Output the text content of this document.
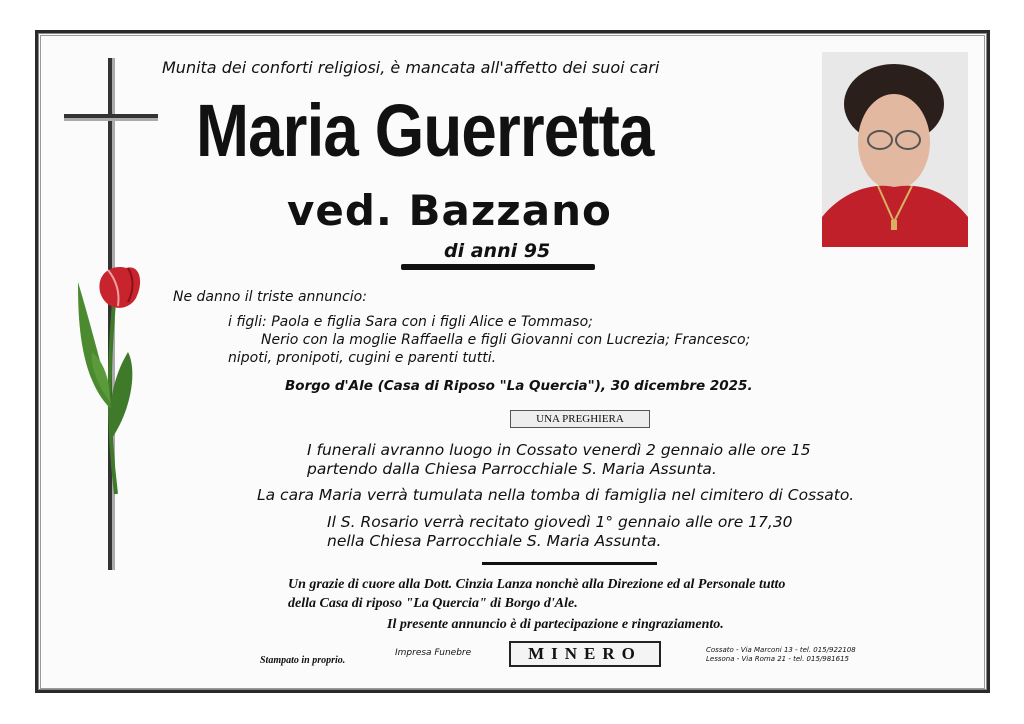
Munita dei conforti religiosi, è mancata all'affetto dei suoi cari
Maria Guerretta
ved. Bazzano
di anni 95
Ne danno il triste annuncio:
i figli: Paola e figlia Sara con i figli Alice e Tommaso;
Nerio con la moglie Raffaella e figli Giovanni con Lucrezia; Francesco;
nipoti, pronipoti, cugini e parenti tutti.
Borgo d'Ale (Casa di Riposo "La Quercia"), 30 dicembre 2025.
UNA PREGHIERA
I funerali avranno luogo in Cossato venerdì 2 gennaio alle ore 15
partendo dalla Chiesa Parrocchiale S. Maria Assunta.
La cara Maria verrà tumulata nella tomba di famiglia nel cimitero di Cossato.
Il S. Rosario verrà recitato giovedì 1° gennaio alle ore 17,30
nella Chiesa Parrocchiale S. Maria Assunta.
Un grazie di cuore alla Dott. Cinzia Lanza nonchè alla Direzione ed al Personale tutto
della Casa di riposo "La Quercia" di Borgo d'Ale.
Il presente annuncio è di partecipazione e ringraziamento.
Stampato in proprio.
Impresa Funebre	MINERO	Cossato - Via Marconi 13 - tel. 015/922108
Lessona - Via Roma 21 - tel. 015/981615
